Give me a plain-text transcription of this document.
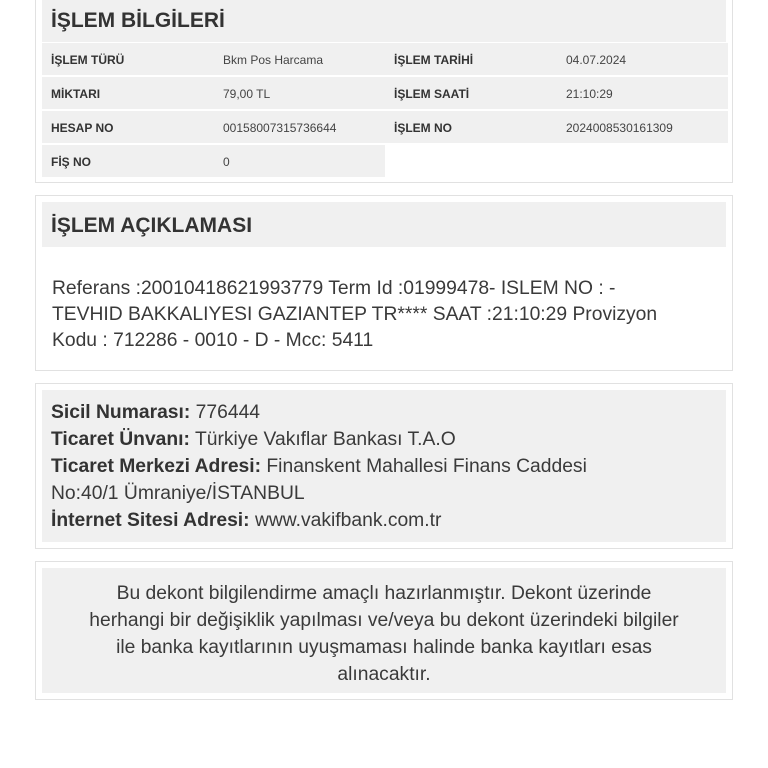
İŞLEM BİLGİLERİ
İŞLEM TÜRÜ	Bkm Pos Harcama	İŞLEM TARİHİ	04.07.2024
MİKTARI	79,00 TL	İŞLEM SAATİ	21:10:29
HESAP NO	00158007315736644	İŞLEM NO	2024008530161309
FİŞ NO	0
İŞLEM AÇIKLAMASI
Referans :20010418621993779 Term Id :01999478- ISLEM NO : -
TEVHID BAKKALIYESI GAZIANTEP TR**** SAAT :21:10:29 Provizyon
Kodu : 712286 - 0010 - D - Mcc: 5411
Sicil Numarası: 776444
Ticaret Ünvanı: Türkiye Vakıflar Bankası T.A.O
Ticaret Merkezi Adresi: Finanskent Mahallesi Finans Caddesi
No:40/1 Ümraniye/İSTANBUL
İnternet Sitesi Adresi: www.vakifbank.com.tr
Bu dekont bilgilendirme amaçlı hazırlanmıştır. Dekont üzerinde
herhangi bir değişiklik yapılması ve/veya bu dekont üzerindeki bilgiler
ile banka kayıtlarının uyuşmaması halinde banka kayıtları esas
alınacaktır.
